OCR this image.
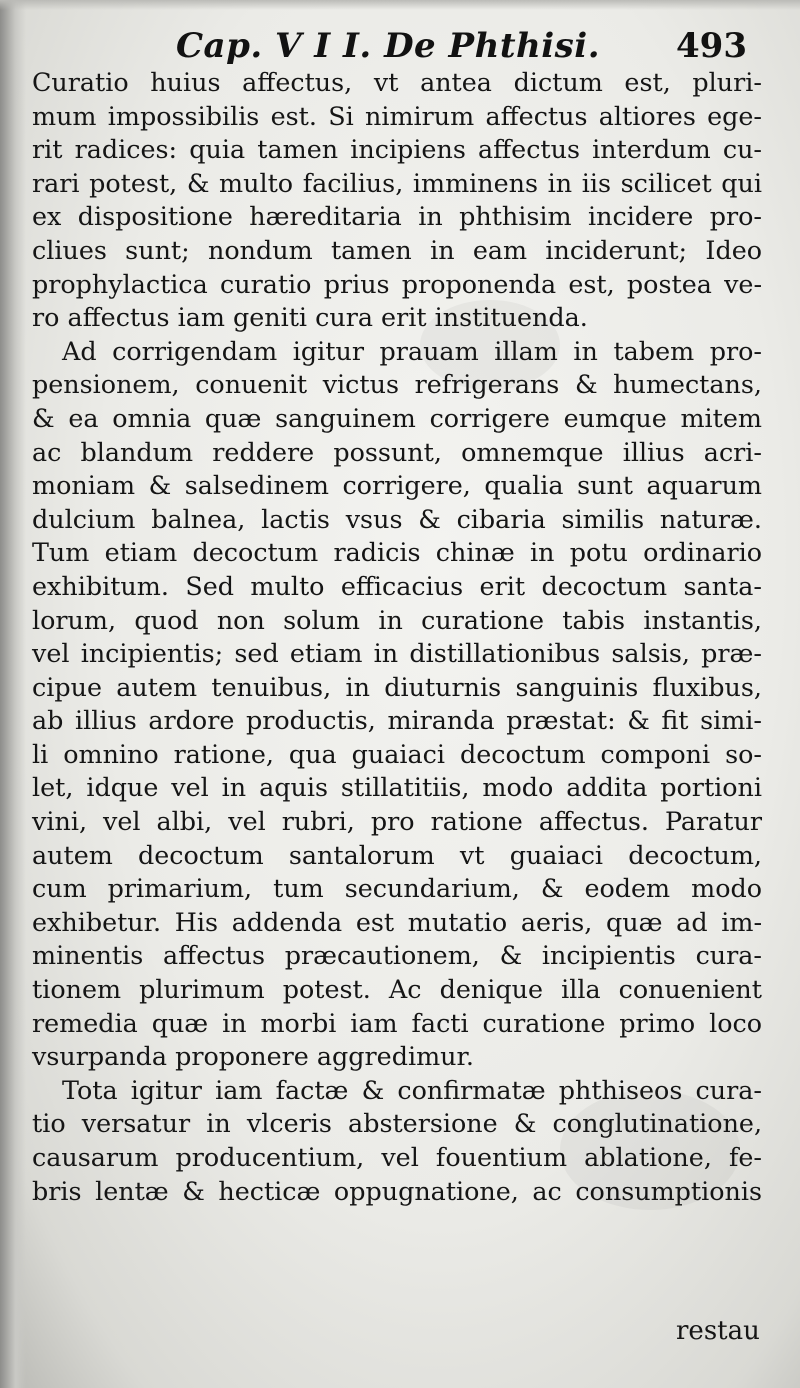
Cap. V I I. De Phthisi. 493
Curatio huius affectus, vt antea dictum est, pluri-
mum impossibilis est. Si nimirum affectus altiores ege-
rit radices: quia tamen incipiens affectus interdum cu-
rari potest, & multo facilius, imminens in iis scilicet qui
ex dispositione hæreditaria in phthisim incidere pro-
cliues sunt; nondum tamen in eam inciderunt; Ideo
prophylactica curatio prius proponenda est, postea ve-
ro affectus iam geniti cura erit instituenda.
Ad corrigendam igitur prauam illam in tabem pro-
pensionem, conuenit victus refrigerans & humectans,
& ea omnia quæ sanguinem corrigere eumque mitem
ac blandum reddere possunt, omnemque illius acri-
moniam & salsedinem corrigere, qualia sunt aquarum
dulcium balnea, lactis vsus & cibaria similis naturæ.
Tum etiam decoctum radicis chinæ in potu ordinario
exhibitum. Sed multo efficacius erit decoctum santa-
lorum, quod non solum in curatione tabis instantis,
vel incipientis; sed etiam in distillationibus salsis, præ-
cipue autem tenuibus, in diuturnis sanguinis fluxibus,
ab illius ardore productis, miranda præstat: & fit simi-
li omnino ratione, qua guaiaci decoctum componi so-
let, idque vel in aquis stillatitiis, modo addita portioni
vini, vel albi, vel rubri, pro ratione affectus. Paratur
autem decoctum santalorum vt guaiaci decoctum,
cum primarium, tum secundarium, & eodem modo
exhibetur. His addenda est mutatio aeris, quæ ad im-
minentis affectus præcautionem, & incipientis cura-
tionem plurimum potest. Ac denique illa conuenient
remedia quæ in morbi iam facti curatione primo loco
vsurpanda proponere aggredimur.
Tota igitur iam factæ & confirmatæ phthiseos cura-
tio versatur in vlceris abstersione & conglutinatione,
causarum producentium, vel fouentium ablatione, fe-
bris lentæ & hecticæ oppugnatione, ac consumptionis
restau
